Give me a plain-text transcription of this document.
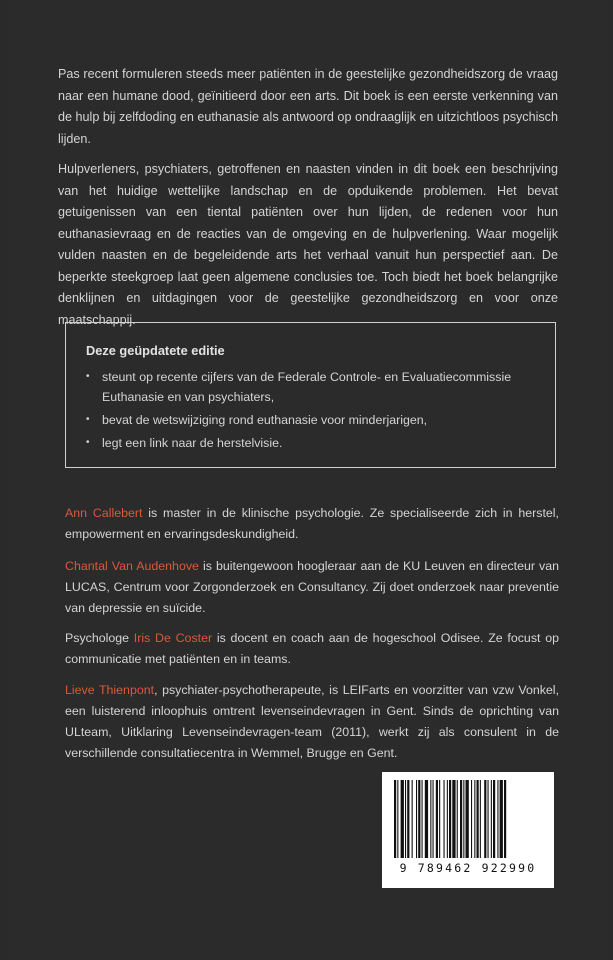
Pas recent formuleren steeds meer patiënten in de geestelijke gezondheidszorg de vraag naar een humane dood, geïnitieerd door een arts. Dit boek is een eerste verkenning van de hulp bij zelfdoding en euthanasie als antwoord op ondraaglijk en uitzichtloos psychisch lijden.

Hulpverleners, psychiaters, getroffenen en naasten vinden in dit boek een beschrijving van het huidige wettelijke landschap en de opduikende problemen. Het bevat getuigenissen van een tiental patiënten over hun lijden, de redenen voor hun euthanasievraag en de reacties van de omgeving en de hulpverlening. Waar mogelijk vulden naasten en de begeleidende arts het verhaal vanuit hun perspectief aan. De beperkte steekgroep laat geen algemene conclusies toe. Toch biedt het boek belangrijke denklijnen en uitdagingen voor de geestelijke gezondheidszorg en voor onze maatschappij.

Deze geüpdatete editie
• steunt op recente cijfers van de Federale Controle- en Evaluatiecommissie Euthanasie en van psychiaters,
• bevat de wetswijziging rond euthanasie voor minderjarigen,
• legt een link naar de herstelvisie.

Ann Callebert is master in de klinische psychologie. Ze specialiseerde zich in herstel, empowerment en ervaringsdeskundigheid.

Chantal Van Audenhove is buitengewoon hoogleraar aan de KU Leuven en directeur van LUCAS, Centrum voor Zorgonderzoek en Consultancy. Zij doet onderzoek naar preventie van depressie en suïcide.

Psychologe Iris De Coster is docent en coach aan de hogeschool Odisee. Ze focust op communicatie met patiënten en in teams.

Lieve Thienpont, psychiater-psychotherapeute, is LEIFarts en voorzitter van vzw Vonkel, een luisterend inloophuis omtrent levenseindevragen in Gent. Sinds de oprichting van ULteam, Uitklaring Levenseindevragen-team (2011), werkt zij als consulent in de verschillende consultatiecentra in Wemmel, Brugge en Gent.

9 789462 922990
